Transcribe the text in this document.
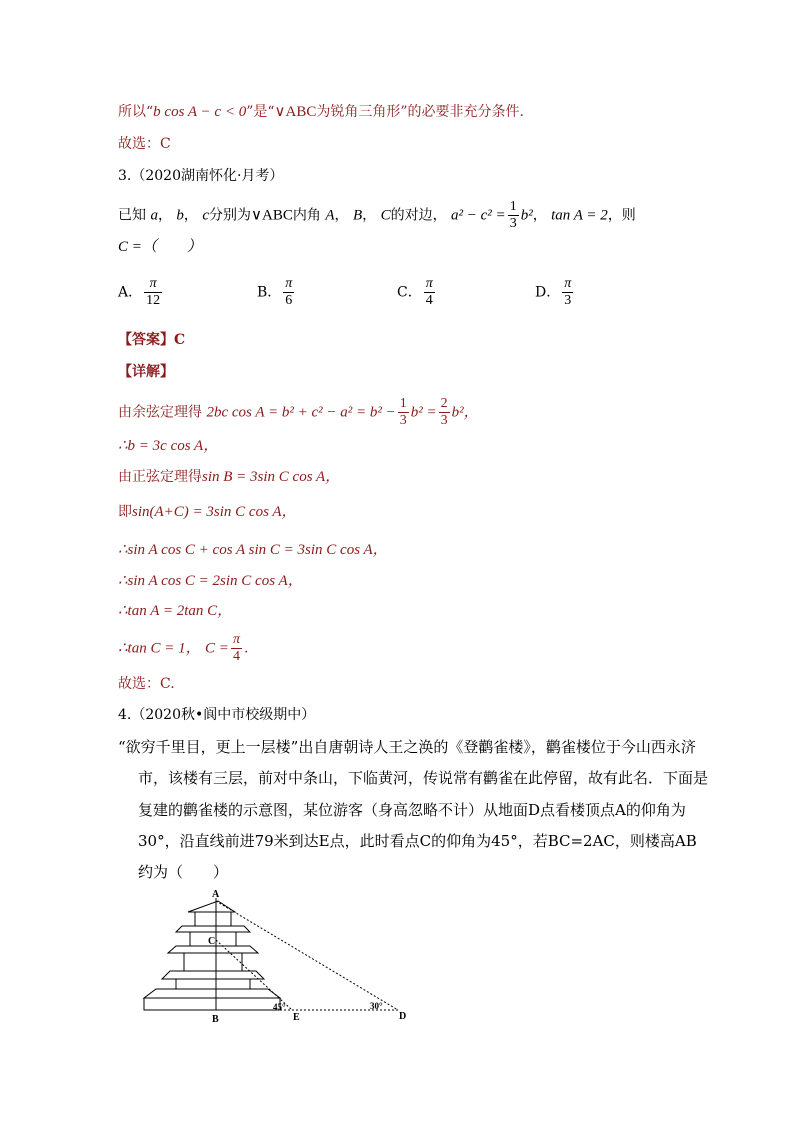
所以“b cos A − c < 0”是“∨ABC为锐角三角形”的必要非充分条件.
故选：C
3.（2020湖南怀化·月考）
已知 a， b， c分别为∨ABC内角 A， B， C的对边， $a^2 - c^2 = \frac{1}{3} b^2$， tan A = 2，则
C =（　　）
A． $\frac{\pi}{12}$	B． $\frac{\pi}{6}$	C． $\frac{\pi}{4}$	D． $\frac{\pi}{3}$
【答案】C
【详解】
由余弦定理得 2bc $\cos A = b^2 + c^2 - a^2 = b^2 - \frac{1}{3} b^2 = \frac{2}{3} b^2$，
∴b = 3c cos A，
由正弦定理得sin B = 3sin C cos A，
即sin(A+C) = 3sin C cos A，
∴sin A cos C + cos A sin C = 3sin C cos A，
∴sin A cos C = 2sin C cos A，
∴tan A = 2tan C，
∴tan C = 1， $C = \frac{\pi}{4}$ .
故选：C.
4.（2020秋•阆中市校级期中）
“欲穷千里目，更上一层楼”出自唐朝诗人王之涣的《登鹳雀楼》，鹳雀楼位于今山西永济
市，该楼有三层，前对中条山，下临黄河，传说常有鹳雀在此停留，故有此名．下面是
复建的鹳雀楼的示意图，某位游客（身高忽略不计）从地面D点看楼顶点A的仰角为
30°，沿直线前进79米到达E点，此时看点C的仰角为45°，若BC=2AC，则楼高AB
约为（　　）
A
C
B	E	D
45°	30°
